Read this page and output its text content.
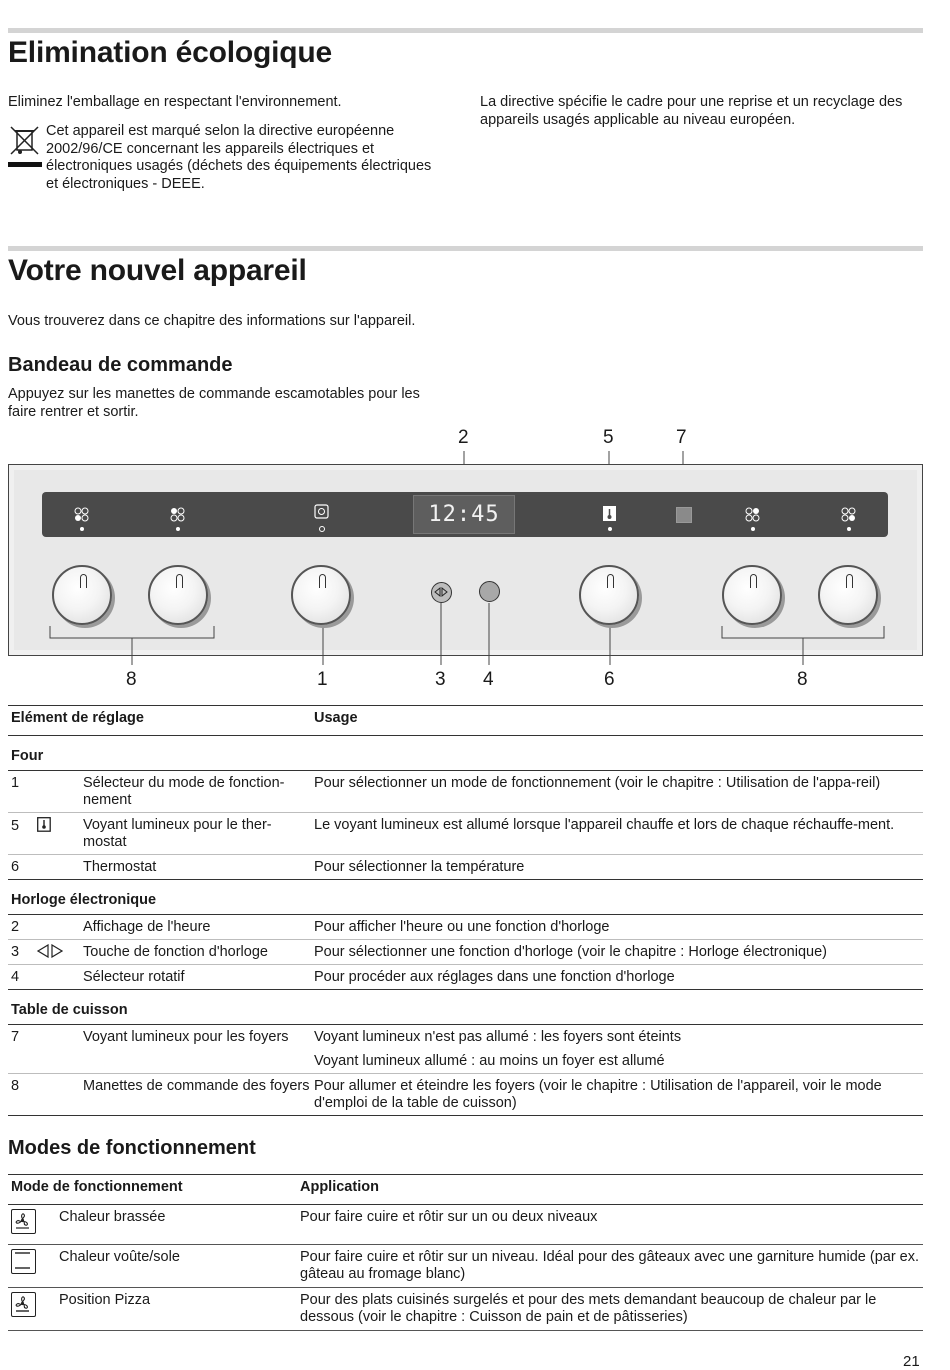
Elimination écologique

Eliminez l'emballage en respectant l'environnement.

Cet appareil est marqué selon la directive européenne 2002/96/CE concernant les appareils électriques et électroniques usagés (déchets des équipements électriques et électroniques - DEEE.

La directive spécifie le cadre pour une reprise et un recyclage des appareils usagés applicable au niveau européen.

Votre nouvel appareil

Vous trouverez dans ce chapitre des informations sur l'appareil.

Bandeau de commande

Appuyez sur les manettes de commande escamotables pour les faire rentrer et sortir.

2	5	7
12:45
8	1	3 4	6	8
Elément de réglage		Usage
Four		
1	Sélecteur du mode de fonction-nement	Pour sélectionner un mode de fonctionnement (voir le chapitre : Utilisation de l'appa-reil)
5	Voyant lumineux pour le ther-mostat	Le voyant lumineux est allumé lorsque l'appareil chauffe et lors de chaque réchauffe-ment.
6	Thermostat	Pour sélectionner la température
Horloge électronique		
2	Affichage de l'heure	Pour afficher l'heure ou une fonction d'horloge
3	Touche de fonction d'horloge	Pour sélectionner une fonction d'horloge (voir le chapitre : Horloge électronique)
4	Sélecteur rotatif	Pour procéder aux réglages dans une fonction d'horloge
Table de cuisson		
7	Voyant lumineux pour les foyers	Voyant lumineux n'est pas allumé : les foyers sont éteints
Voyant lumineux allumé : au moins un foyer est allumé

8	Manettes de commande des foyers	Pour allumer et éteindre les foyers (voir le chapitre : Utilisation de l'appareil, voir le mode d'emploi de la table de cuisson)
Modes de fonctionnement
Mode de fonctionnement		Application

	Chaleur brassée	Pour faire cuire et rôtir sur un ou deux niveaux

	Chaleur voûte/sole	Pour faire cuire et rôtir sur un niveau. Idéal pour des gâteaux avec une garniture humide (par ex. gâteau au fromage blanc)

	Position Pizza	Pour des plats cuisinés surgelés et pour des mets demandant beaucoup de chaleur par le dessous (voir le chapitre : Cuisson de pain et de pâtisseries)
21
